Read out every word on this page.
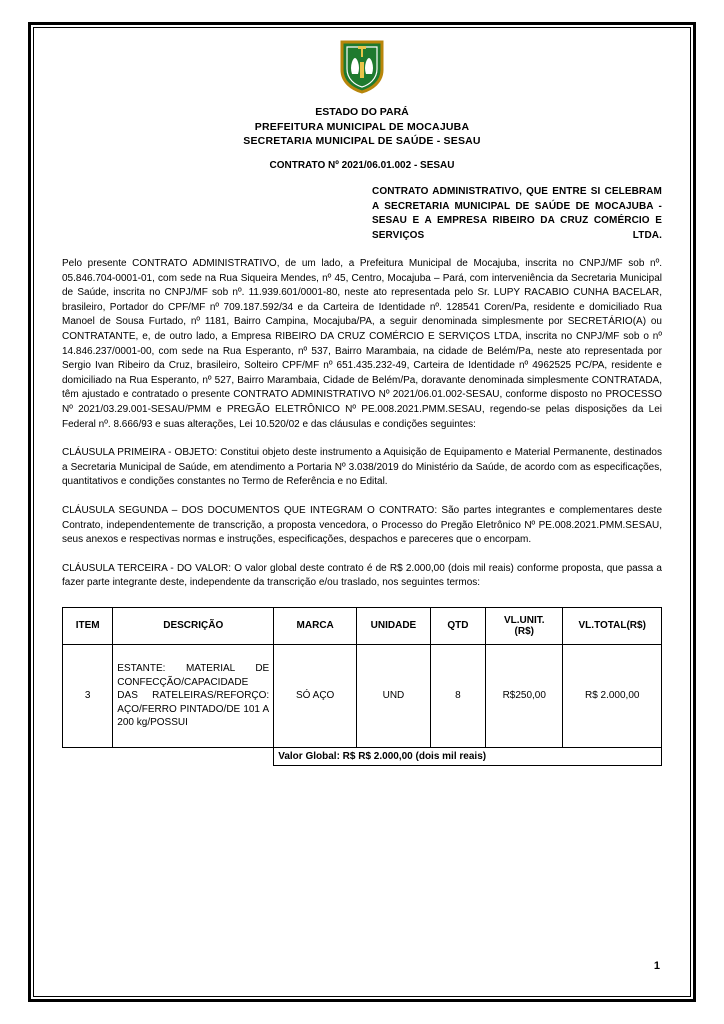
ESTADO DO PARÁ
PREFEITURA MUNICIPAL DE MOCAJUBA
SECRETARIA MUNICIPAL DE SAÚDE - SESAU
CONTRATO Nº 2021/06.01.002 - SESAU
CONTRATO ADMINISTRATIVO, QUE ENTRE SI CELEBRAM A SECRETARIA MUNICIPAL DE SAÚDE DE MOCAJUBA - SESAU E A EMPRESA RIBEIRO DA CRUZ COMÉRCIO E SERVIÇOS LTDA.
Pelo presente CONTRATO ADMINISTRATIVO, de um lado, a Prefeitura Municipal de Mocajuba, inscrita no CNPJ/MF sob nº. 05.846.704-0001-01, com sede na Rua Siqueira Mendes, nº 45, Centro, Mocajuba – Pará, com interveniência da Secretaria Municipal de Saúde, inscrita no CNPJ/MF sob nº. 11.939.601/0001-80, neste ato representada pelo Sr. LUPY RACABIO CUNHA BACELAR, brasileiro, Portador do CPF/MF nº 709.187.592/34 e da Carteira de Identidade nº. 128541 Coren/Pa, residente e domiciliado Rua Manoel de Sousa Furtado, nº 1181, Bairro Campina, Mocajuba/PA, a seguir denominada simplesmente por SECRETÁRIO(A) ou CONTRATANTE, e, de outro lado, a Empresa RIBEIRO DA CRUZ COMÉRCIO E SERVIÇOS LTDA, inscrita no CNPJ/MF sob o nº 14.846.237/0001-00, com sede na Rua Esperanto, nº 537, Bairro Marambaia, na cidade de Belém/Pa, neste ato representada por Sergio Ivan Ribeiro da Cruz, brasileiro, Solteiro CPF/MF nº 651.435.232-49, Carteira de Identidade nº 4962525 PC/PA, residente e domiciliado na Rua Esperanto, nº 527, Bairro Marambaia, Cidade de Belém/Pa, doravante denominada simplesmente CONTRATADA, têm ajustado e contratado o presente CONTRATO ADMINISTRATIVO Nº 2021/06.01.002-SESAU, conforme disposto no PROCESSO Nº 2021/03.29.001-SESAU/PMM e PREGÃO ELETRÔNICO Nº PE.008.2021.PMM.SESAU, regendo-se pelas disposições da Lei Federal nº. 8.666/93 e suas alterações, Lei 10.520/02 e das cláusulas e condições seguintes:
CLÁUSULA PRIMEIRA - OBJETO: Constitui objeto deste instrumento a Aquisição de Equipamento e Material Permanente, destinados a Secretaria Municipal de Saúde, em atendimento a Portaria Nº 3.038/2019 do Ministério da Saúde, de acordo com as especificações, quantitativos e condições constantes no Termo de Referência e no Edital.
CLÁUSULA SEGUNDA – DOS DOCUMENTOS QUE INTEGRAM O CONTRATO: São partes integrantes e complementares deste Contrato, independentemente de transcrição, a proposta vencedora, o Processo do Pregão Eletrônico Nº PE.008.2021.PMM.SESAU, seus anexos e respectivas normas e instruções, especificações, despachos e pareceres que o encorpam.
CLÁUSULA TERCEIRA - DO VALOR: O valor global deste contrato é de R$ 2.000,00 (dois mil reais) conforme proposta, que passa a fazer parte integrante deste, independente da transcrição e/ou traslado, nos seguintes termos:
ITEM	DESCRIÇÃO	MARCA	UNIDADE	QTD	VL.UNIT.
(R$)	VL.TOTAL(R$)
3	ESTANTE: MATERIAL DE CONFECÇÃO/CAPACIDADE DAS RATELEIRAS/REFORÇO: AÇO/FERRO PINTADO/DE 101 A 200 kg/POSSUI	SÓ AÇO	UND	8	R$250,00	R$ 2.000,00
		Valor Global: R$ R$ 2.000,00 (dois mil reais)				
1
